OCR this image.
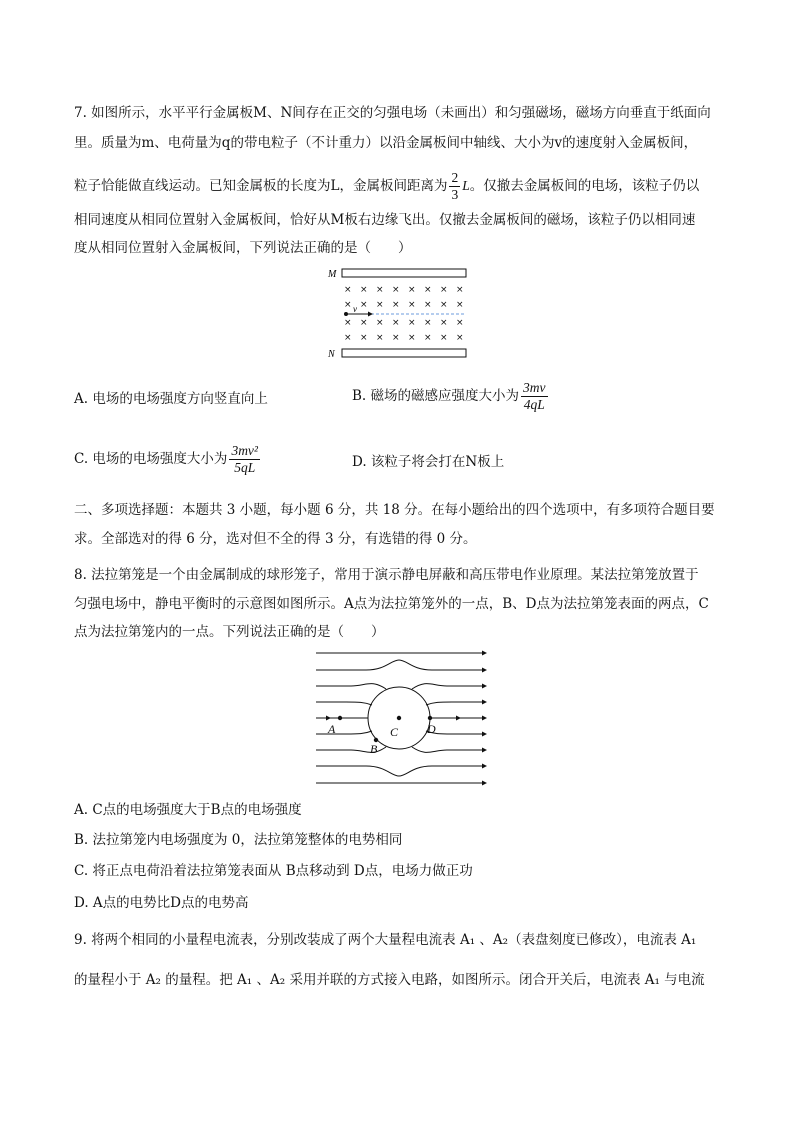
7. 如图所示，水平平行金属板M、N间存在正交的匀强电场（未画出）和匀强磁场，磁场方向垂直于纸面向
里。质量为m、电荷量为q的带电粒子（不计重力）以沿金属板间中轴线、大小为v的速度射入金属板间，
粒子恰能做直线运动。已知金属板的长度为L，金属板间距离为 $\frac{2}{3}$ L。仅撤去金属板间的电场，该粒子仍以
相同速度从相同位置射入金属板间，恰好从M板右边缘飞出。仅撤去金属板间的磁场，该粒子仍以相同速
度从相同位置射入金属板间，下列说法正确的是（　　）
M
N
× × × × × × × ×
× × × × × × × ×
× × × × × × × ×
× × × × × × × ×
v
A. 电场的电场强度方向竖直向上	B. 磁场的磁感应强度大小为 $\frac{3mv}{4qL}$
C. 电场的电场强度大小为 $\frac{\text{3mv²}}{5qL}$	D. 该粒子将会打在N板上
二、多项选择题：本题共 3 小题，每小题 6 分，共 18 分。在每小题给出的四个选项中，有多项符合题目要
求。全部选对的得 6 分，选对但不全的得 3 分，有选错的得 0 分。
8. 法拉第笼是一个由金属制成的球形笼子，常用于演示静电屏蔽和高压带电作业原理。某法拉第笼放置于
匀强电场中，静电平衡时的示意图如图所示。A点为法拉第笼外的一点，B、D点为法拉第笼表面的两点，C
点为法拉第笼内的一点。下列说法正确的是（　　）
A
B
C D
A. C点的电场强度大于B点的电场强度
B. 法拉第笼内电场强度为 0，法拉第笼整体的电势相同
C. 将正点电荷沿着法拉第笼表面从 B点移动到 D点，电场力做正功
D. A点的电势比D点的电势高
9. 将两个相同的小量程电流表，分别改装成了两个大量程电流表 A₁ 、A₂（表盘刻度已修改），电流表 A₁
的量程小于 A₂ 的量程。把 A₁ 、A₂ 采用并联的方式接入电路，如图所示。闭合开关后，电流表 A₁ 与电流
